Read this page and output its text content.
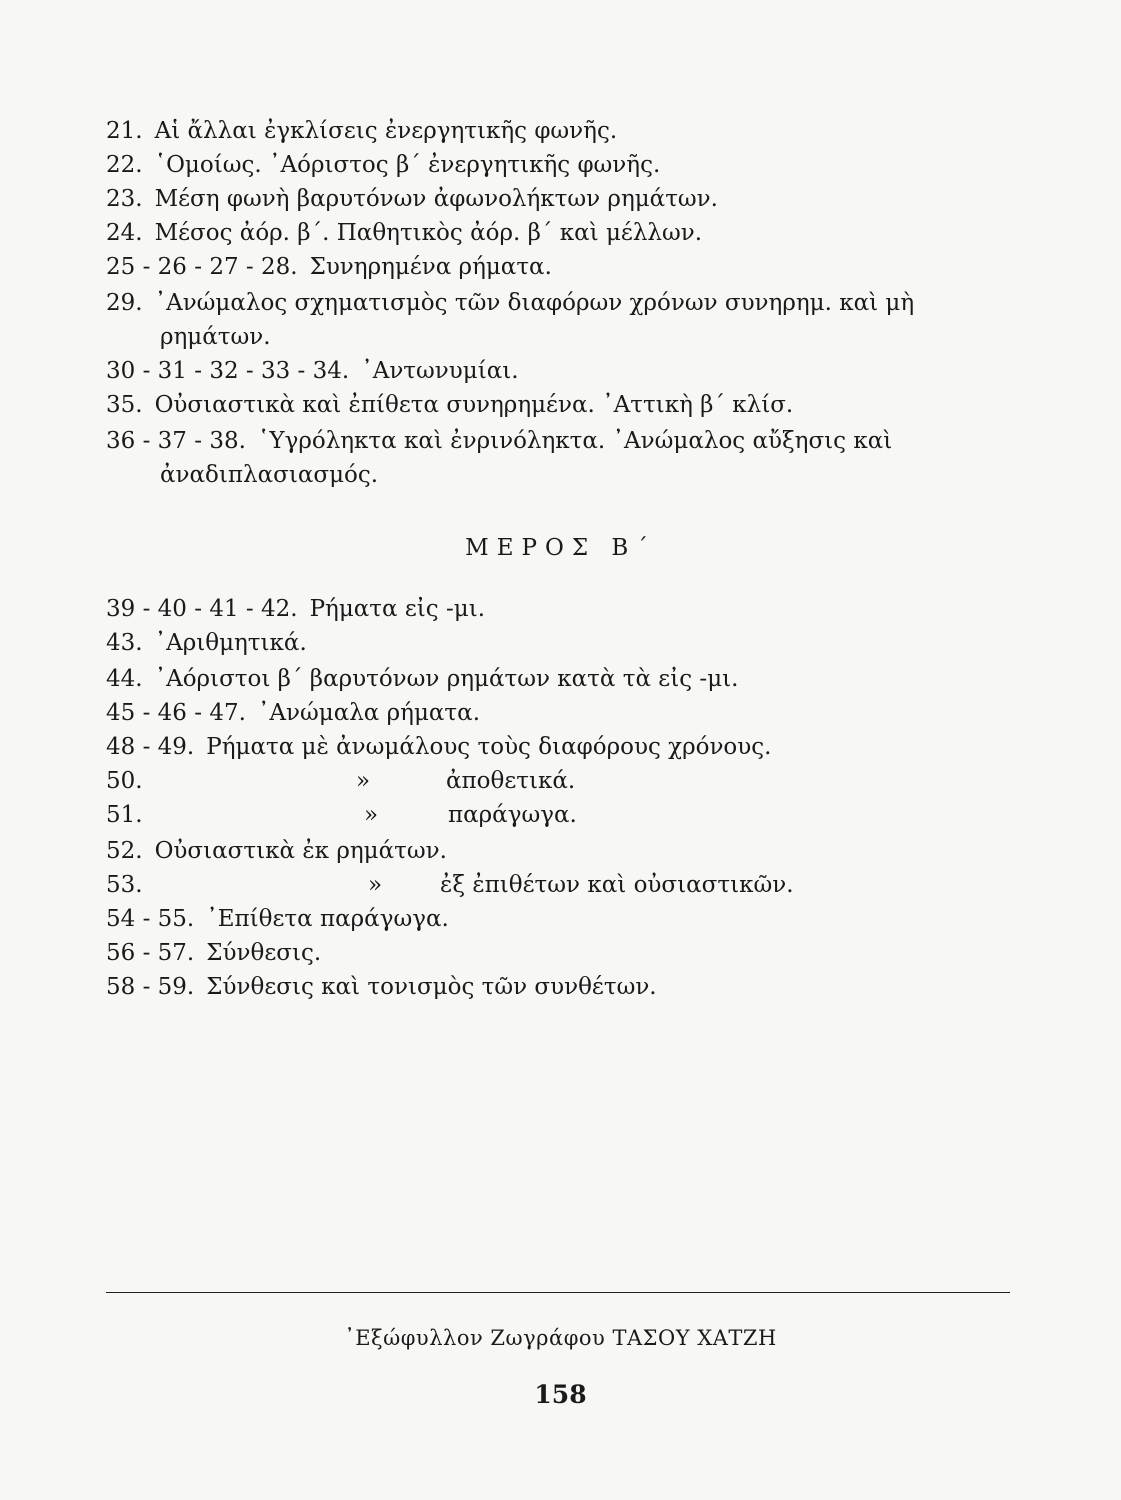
21. Αἱ ἄλλαι ἐγκλίσεις ἐνεργητικῆς φωνῆς.
22. ῾Ομοίως. ᾿Αόριστος β΄ ἐνεργητικῆς φωνῆς.
23. Μέση φωνὴ βαρυτόνων ἀφωνολήκτων ρημάτων.
24. Μέσος ἀόρ. β΄. Παθητικὸς ἀόρ. β΄ καὶ μέλλων.
25 - 26 - 27 - 28. Συνηρημένα ρήματα.
29. ᾿Ανώμαλος σχηματισμὸς τῶν διαφόρων χρόνων συνηρημ. καὶ μὴ
ρημάτων.
30 - 31 - 32 - 33 - 34. ᾿Αντωνυμίαι.
35. Οὐσιαστικὰ καὶ ἐπίθετα συνηρημένα. ᾿Αττικὴ β΄ κλίσ.
36 - 37 - 38. ῾Υγρόληκτα καὶ ἐνρινόληκτα. ᾿Ανώμαλος αὔξησις καὶ
ἀναδιπλασιασμός.
ΜΕΡΟΣ Β΄
39 - 40 - 41 - 42. Ρήματα εἰς -μι.
43. ᾿Αριθμητικά.
44. ᾿Αόριστοι β΄ βαρυτόνων ρημάτων κατὰ τὰ εἰς -μι.
45 - 46 - 47. ᾿Ανώμαλα ρήματα.
48 - 49. Ρήματα μὲ ἀνωμάλους τοὺς διαφόρους χρόνους.
50.	»	ἀποθετικά.
51.	»	παράγωγα.
52. Οὐσιαστικὰ ἐκ ρημάτων.
53.	»	ἐξ ἐπιθέτων καὶ οὐσιαστικῶν.
54 - 55. ᾿Επίθετα παράγωγα.
56 - 57. Σύνθεσις.
58 - 59. Σύνθεσις καὶ τονισμὸς τῶν συνθέτων.
᾿Εξώφυλλον Ζωγράφου ΤΑΣΟΥ ΧΑΤΖΗ
158
